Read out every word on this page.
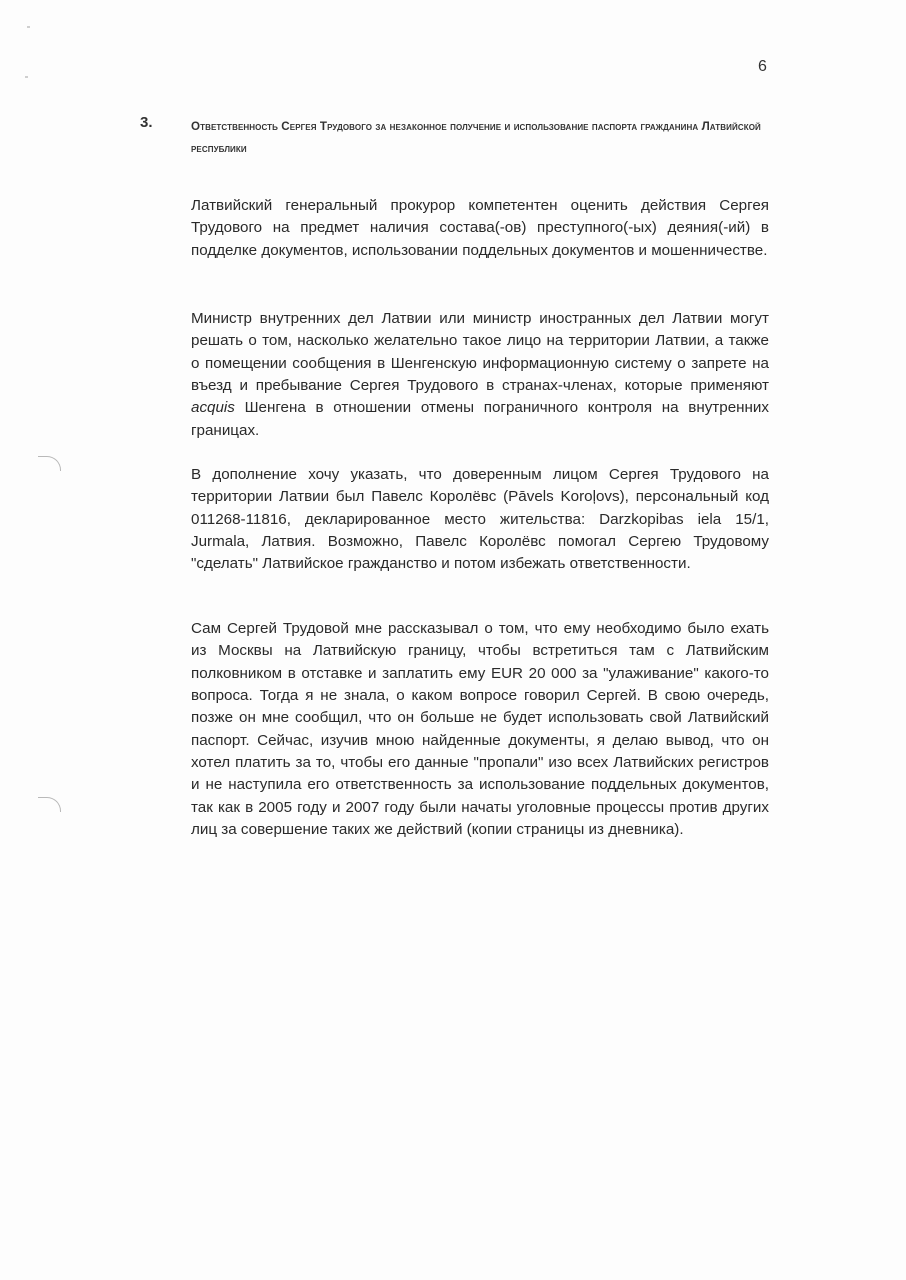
6
3.	Ответственность Сергея Трудового за незаконное получение и использование паспорта гражданина Латвийской республики

Латвийский генеральный прокурор компетентен оценить действия Сергея Трудового на предмет наличия состава(-ов) преступного(-ых) деяния(-ий) в подделке документов, использовании поддельных документов и мошенничестве.

Министр внутренних дел Латвии или министр иностранных дел Латвии могут решать о том, насколько желательно такое лицо на территории Латвии, а также о помещении сообщения в Шенгенскую информационную систему о запрете на въезд и пребывание Сергея Трудового в странах-членах, которые применяют acquis Шенгена в отношении отмены пограничного контроля на внутренних границах.

В дополнение хочу указать, что доверенным лицом Сергея Трудового на территории Латвии был Павелс Королёвс (Pāvels Koroļovs), персональный код 011268-11816, декларированное место жительства: Darzkopibas iela 15/1, Jurmala, Латвия. Возможно, Павелс Королёвс помогал Сергею Трудовому "сделать" Латвийское гражданство и потом избежать ответственности.

Сам Сергей Трудовой мне рассказывал о том, что ему необходимо было ехать из Москвы на Латвийскую границу, чтобы встретиться там с Латвийским полковником в отставке и заплатить ему EUR 20 000 за "улаживание" какого-то вопроса. Тогда я не знала, о каком вопросе говорил Сергей. В свою очередь, позже он мне сообщил, что он больше не будет использовать свой Латвийский паспорт. Сейчас, изучив мною найденные документы, я делаю вывод, что он хотел платить за то, чтобы его данные "пропали" изо всех Латвийских регистров и не наступила его ответственность за использование поддельных документов, так как в 2005 году и 2007 году были начаты уголовные процессы против других лиц за совершение таких же действий (копии страницы из дневника).
